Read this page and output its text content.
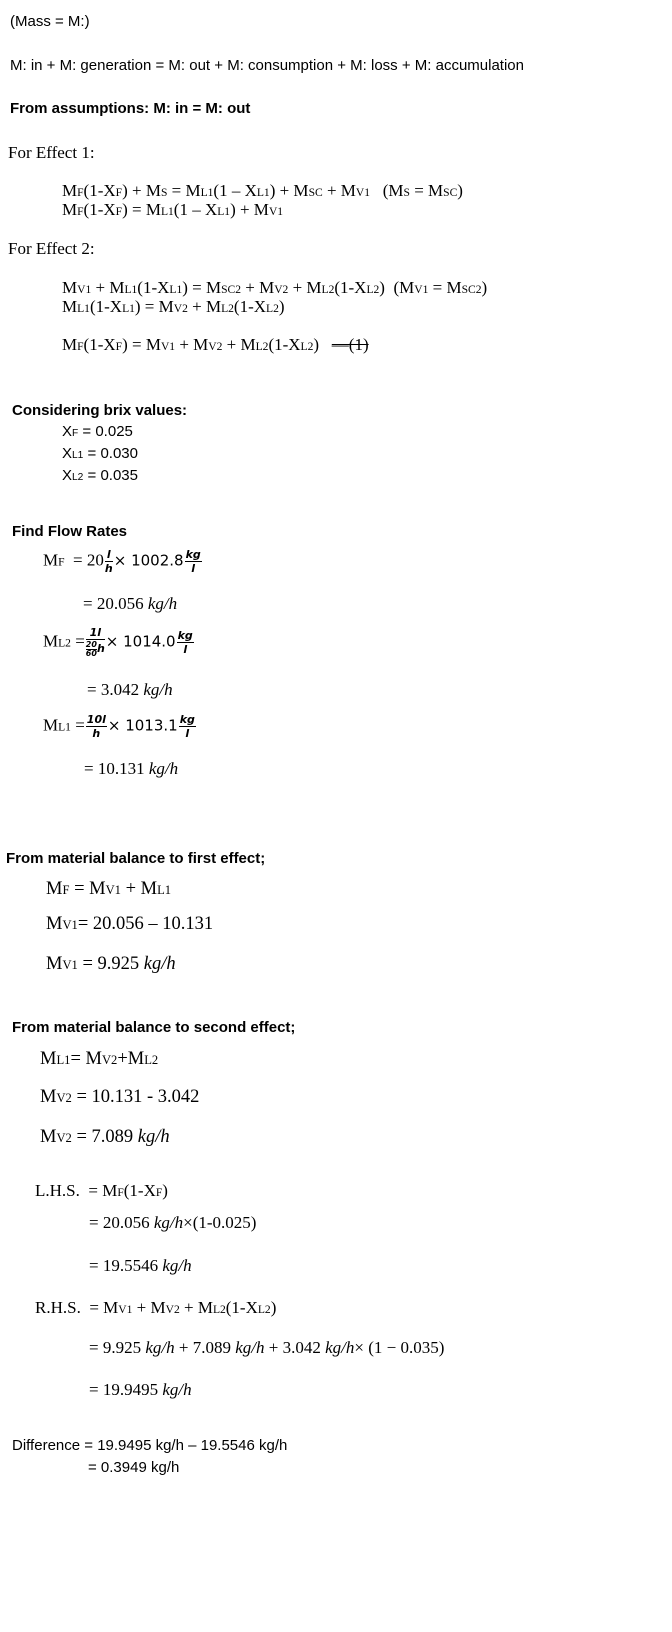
(Mass = M:)
M: in + M: generation = M: out + M: consumption + M: loss + M: accumulation
From assumptions: M: in = M: out
For Effect 1:
MF(1-XF) + MS = ML1(1 – XL1) + MSC + MV1   (MS = MSC)
MF(1-XF) = ML1(1 – XL1) + MV1
For Effect 2:
MV1 + ML1(1-XL1) = MSC2 + MV2 + ML2(1-XL2)  (MV1 = MSC2)
ML1(1-XL1) = MV2 + ML2(1-XL2)
MF(1-XF) = MV1 + MV2 + ML2(1-XL2)   —(1)
Considering brix values:
XF = 0.025
XL1 = 0.030
XL2 = 0.035
Find Flow Rates
MF  = $20 \frac{l}{h} \times 1002.8 \frac{kg}{l}$
= 20.056 kg/h
$ML2 = \frac{1l}{\frac{20}{60} h} \times 1014.0 \frac{kg}{l}$
= 3.042 kg/h
$ML1 = \frac{10l}{h} \times 1013.1 \frac{kg}{l}$
= 10.131 kg/h
From material balance to first effect;
MF = MV1 + ML1
MV1= 20.056 – 10.131
MV1 = 9.925 kg/h
From material balance to second effect;
ML1= MV2+ML2
MV2 = 10.131 - 3.042
MV2 = 7.089 kg/h
L.H.S.  = MF(1-XF)
= 20.056 kg/h×(1-0.025)
= 19.5546 kg/h
R.H.S.  = MV1 + MV2 + ML2(1-XL2)
= 9.925 kg/h + 7.089 kg/h + 3.042 kg/h× (1 − 0.035)
= 19.9495 kg/h
Difference = 19.9495 kg/h – 19.5546 kg/h
= 0.3949 kg/h
